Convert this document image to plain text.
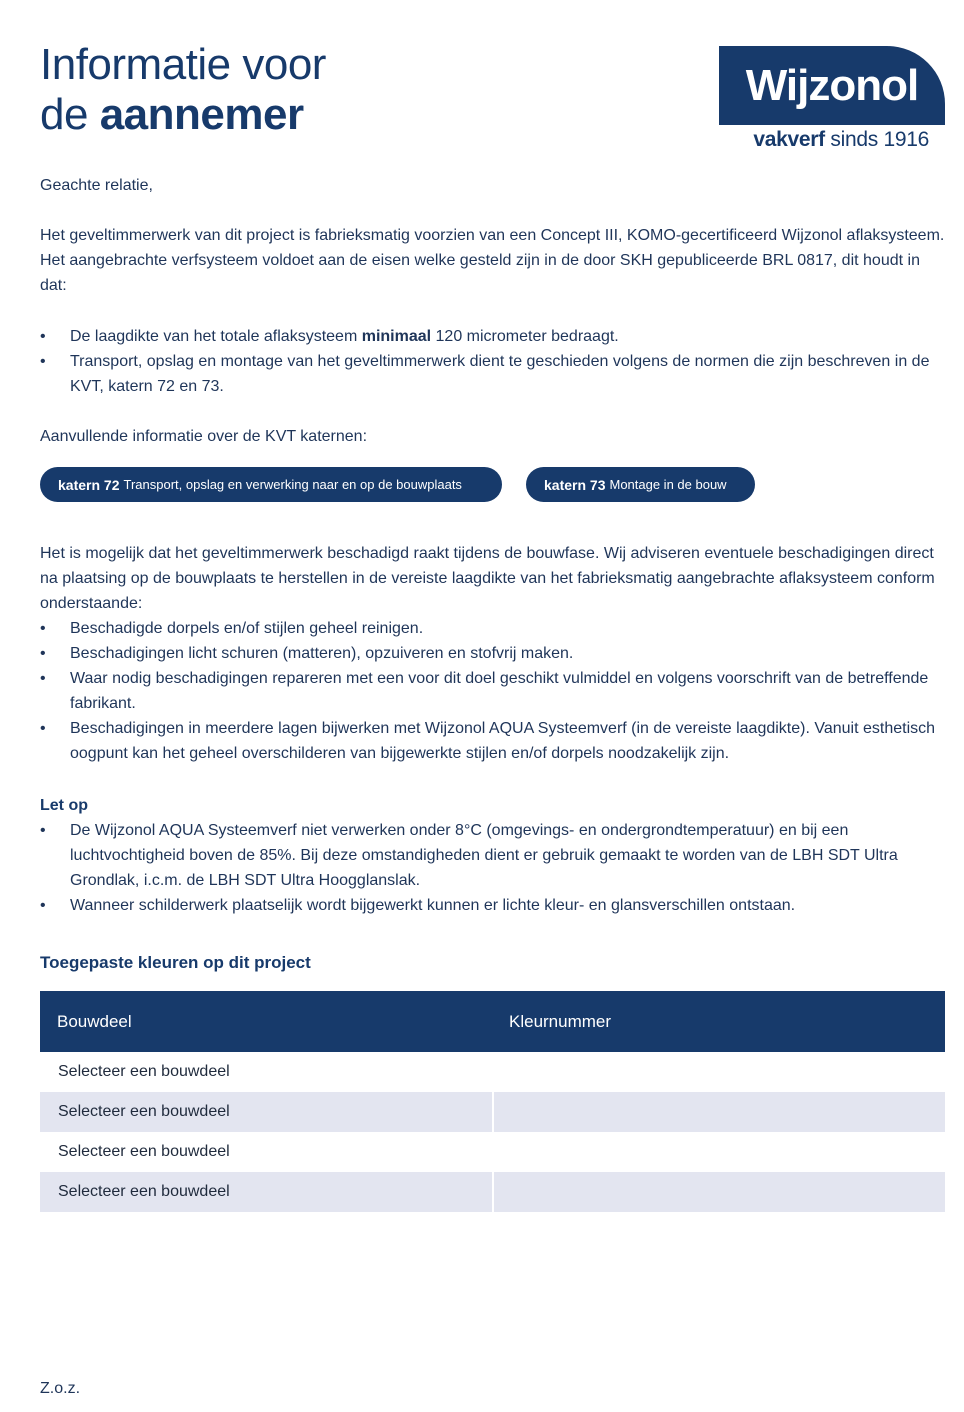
Informatie voor
de aannemer
Wijzonol
vakverf sinds 1916

Geachte relatie,

Het geveltimmerwerk van dit project is fabrieksmatig voorzien van een Concept III, KOMO-gecertificeerd Wijzonol aflaksysteem. Het aangebrachte verfsysteem voldoet aan de eisen welke gesteld zijn in de door SKH gepubliceerde BRL 0817, dit houdt in dat:

• De laagdikte van het totale aflaksysteem minimaal 120 micrometer bedraagt.
• Transport, opslag en montage van het geveltimmerwerk dient te geschieden volgens de normen die zijn beschreven in de KVT, katern 72 en 73.

Aanvullende informatie over de KVT katernen:

katern 72 Transport, opslag en verwerking naar en op de bouwplaats	katern 73 Montage in de bouw

Het is mogelijk dat het geveltimmerwerk beschadigd raakt tijdens de bouwfase. Wij adviseren eventuele beschadigingen direct na plaatsing op de bouwplaats te herstellen in de vereiste laagdikte van het fabrieksmatig aangebrachte aflaksysteem conform onderstaande:

• Beschadigde dorpels en/of stijlen geheel reinigen.
• Beschadigingen licht schuren (matteren), opzuiveren en stofvrij maken.
• Waar nodig beschadigingen repareren met een voor dit doel geschikt vulmiddel en volgens voorschrift van de betreffende fabrikant.
• Beschadigingen in meerdere lagen bijwerken met Wijzonol AQUA Systeemverf (in de vereiste laagdikte). Vanuit esthetisch oogpunt kan het geheel overschilderen van bijgewerkte stijlen en/of dorpels noodzakelijk zijn.
Let op
• De Wijzonol AQUA Systeemverf niet verwerken onder 8°C (omgevings- en ondergrondtemperatuur) en bij een luchtvochtigheid boven de 85%. Bij deze omstandigheden dient er gebruik gemaakt te worden van de LBH SDT Ultra Grondlak, i.c.m. de LBH SDT Ultra Hoogglanslak.
• Wanneer schilderwerk plaatselijk wordt bijgewerkt kunnen er lichte kleur- en glansverschillen ontstaan.
Toegepaste kleuren op dit project
Bouwdeel	Kleurnummer
Selecteer een bouwdeel	
Selecteer een bouwdeel	
Selecteer een bouwdeel	
Selecteer een bouwdeel	
Z.o.z.
